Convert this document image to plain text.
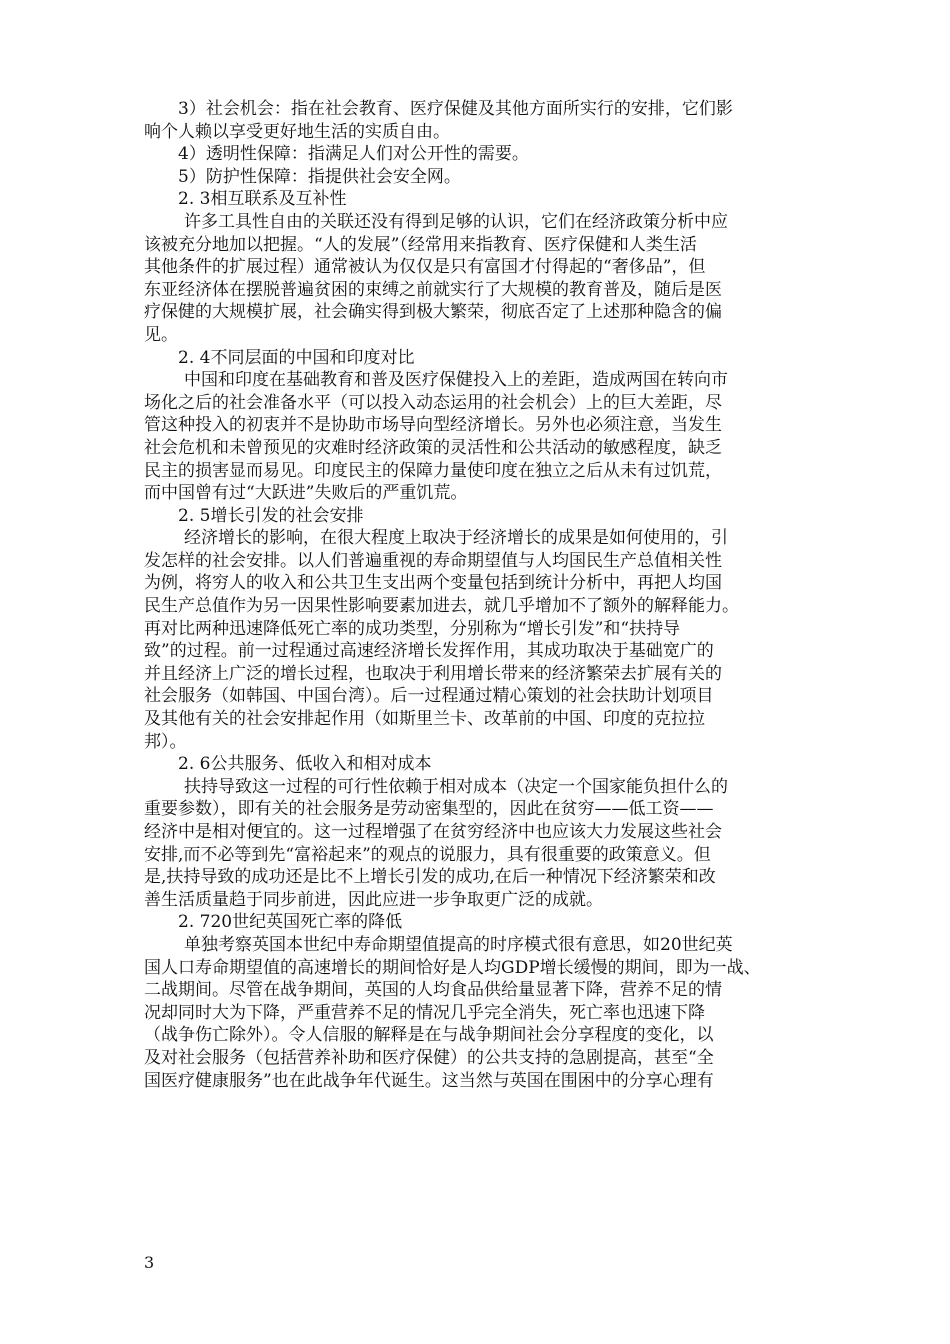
3）社会机会：指在社会教育、医疗保健及其他方面所实行的安排，它们影
响个人赖以享受更好地生活的实质自由。
4）透明性保障：指满足人们对公开性的需要。
5）防护性保障：指提供社会安全网。
2. 3相互联系及互补性
许多工具性自由的关联还没有得到足够的认识，它们在经济政策分析中应
该被充分地加以把握。“人的发展”（经常用来指教育、医疗保健和人类生活
其他条件的扩展过程）通常被认为仅仅是只有富国才付得起的“奢侈品”，但
东亚经济体在摆脱普遍贫困的束缚之前就实行了大规模的教育普及，随后是医
疗保健的大规模扩展，社会确实得到极大繁荣，彻底否定了上述那种隐含的偏
见。
2. 4不同层面的中国和印度对比
中国和印度在基础教育和普及医疗保健投入上的差距，造成两国在转向市
场化之后的社会准备水平（可以投入动态运用的社会机会）上的巨大差距，尽
管这种投入的初衷并不是协助市场导向型经济增长。另外也必须注意，当发生
社会危机和未曾预见的灾难时经济政策的灵活性和公共活动的敏感程度，缺乏
民主的损害显而易见。印度民主的保障力量使印度在独立之后从未有过饥荒，
而中国曾有过“大跃进”失败后的严重饥荒。
2. 5增长引发的社会安排
经济增长的影响，在很大程度上取决于经济增长的成果是如何使用的，引
发怎样的社会安排。以人们普遍重视的寿命期望值与人均国民生产总值相关性
为例，将穷人的收入和公共卫生支出两个变量包括到统计分析中，再把人均国
民生产总值作为另一因果性影响要素加进去，就几乎增加不了额外的解释能力。
再对比两种迅速降低死亡率的成功类型，分别称为“增长引发”和“扶持导
致”的过程。前一过程通过高速经济增长发挥作用，其成功取决于基础宽广的
并且经济上广泛的增长过程，也取决于利用增长带来的经济繁荣去扩展有关的
社会服务（如韩国、中国台湾）。后一过程通过精心策划的社会扶助计划项目
及其他有关的社会安排起作用（如斯里兰卡、改革前的中国、印度的克拉拉
邦）。
2. 6公共服务、低收入和相对成本
扶持导致这一过程的可行性依赖于相对成本（决定一个国家能负担什么的
重要参数），即有关的社会服务是劳动密集型的，因此在贫穷——低工资——
经济中是相对便宜的。这一过程增强了在贫穷经济中也应该大力发展这些社会
安排,而不必等到先“富裕起来”的观点的说服力，具有很重要的政策意义。但
是,扶持导致的成功还是比不上增长引发的成功,在后一种情况下经济繁荣和改
善生活质量趋于同步前进，因此应进一步争取更广泛的成就。
2. 720世纪英国死亡率的降低
单独考察英国本世纪中寿命期望值提高的时序模式很有意思，如20世纪英
国人口寿命期望值的高速增长的期间恰好是人均GDP增长缓慢的期间，即为一战、
二战期间。尽管在战争期间，英国的人均食品供给量显著下降，营养不足的情
况却同时大为下降，严重营养不足的情况几乎完全消失，死亡率也迅速下降
（战争伤亡除外）。令人信服的解释是在与战争期间社会分享程度的变化，以
及对社会服务（包括营养补助和医疗保健）的公共支持的急剧提高，甚至“全
国医疗健康服务”也在此战争年代诞生。这当然与英国在围困中的分享心理有
3
